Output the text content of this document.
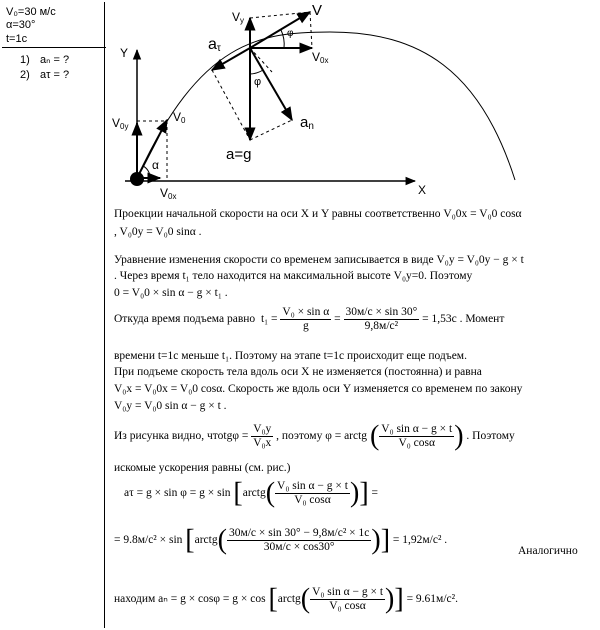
V₀=30 м/с
α=30°
t=1c
1) aₙ = ?
2) aτ = ?
Y
X
$V_{0y}$
$V_0$
$V_{0x}$
α
$V_y$
V
$V_{0x}$
φ
φ
$a_\tau$
$a_n$
a=g
Проекции начальной скорости на оси X и Y равны соответственно V₀0x = V₀0 cosα
, V₀0y = V₀0 sinα .
Уравнение изменения скорости со временем записывается в виде V₀y = V₀0y − g × t
. Через время t₁ тело находится на максимальной высоте V₀y=0. Поэтому
0 = V₀0 × sin α − g × t₁ .
Откуда время подъема равно $t_1 = \frac{\text{V₀ × sin α}}{g} = \frac{30м/с \times \sin 30^\circ}{\text{9,8м/с²}} = 1,53c$ . Момент
времени t=1c меньше t₁. Поэтому на этапе t=1c происходит еще подъем.
При подъеме скорость тела вдоль оси X не изменяется (постоянна) и равна
V₀x = V₀0x = V₀0 cosα. Скорость же вдоль оси Y изменяется со временем по закону
V₀y = V₀0 sin α − g × t .
Из рисунка видно, чтоtgφ = $\frac{\text{V₀y}}{\text{V₀x}}$ , поэтому φ = arctg ( $\frac{\text{V₀ sin α − g × t}}{\text{V₀ cosα}}$ ) . Поэтому
искомые ускорения равны (см. рис.)
aτ = g × sin φ = g × sin [arctg( $\frac{\text{V₀ sin α − g × t}}{\text{V₀ cosα}}$ )] =
= 9.8м/с² × sin [arctg( $\frac{\text{30м/с × sin 30° − 9,8м/с² × 1c}}{30м/с \times \cos 30^\circ}$ )] = 1,92м/с² .
Аналогично
находим aₙ = g × cosφ = g × cos [arctg( $\frac{\text{V₀ sin α − g × t}}{\text{V₀ cosα}}$ )] = 9.61м/с².
